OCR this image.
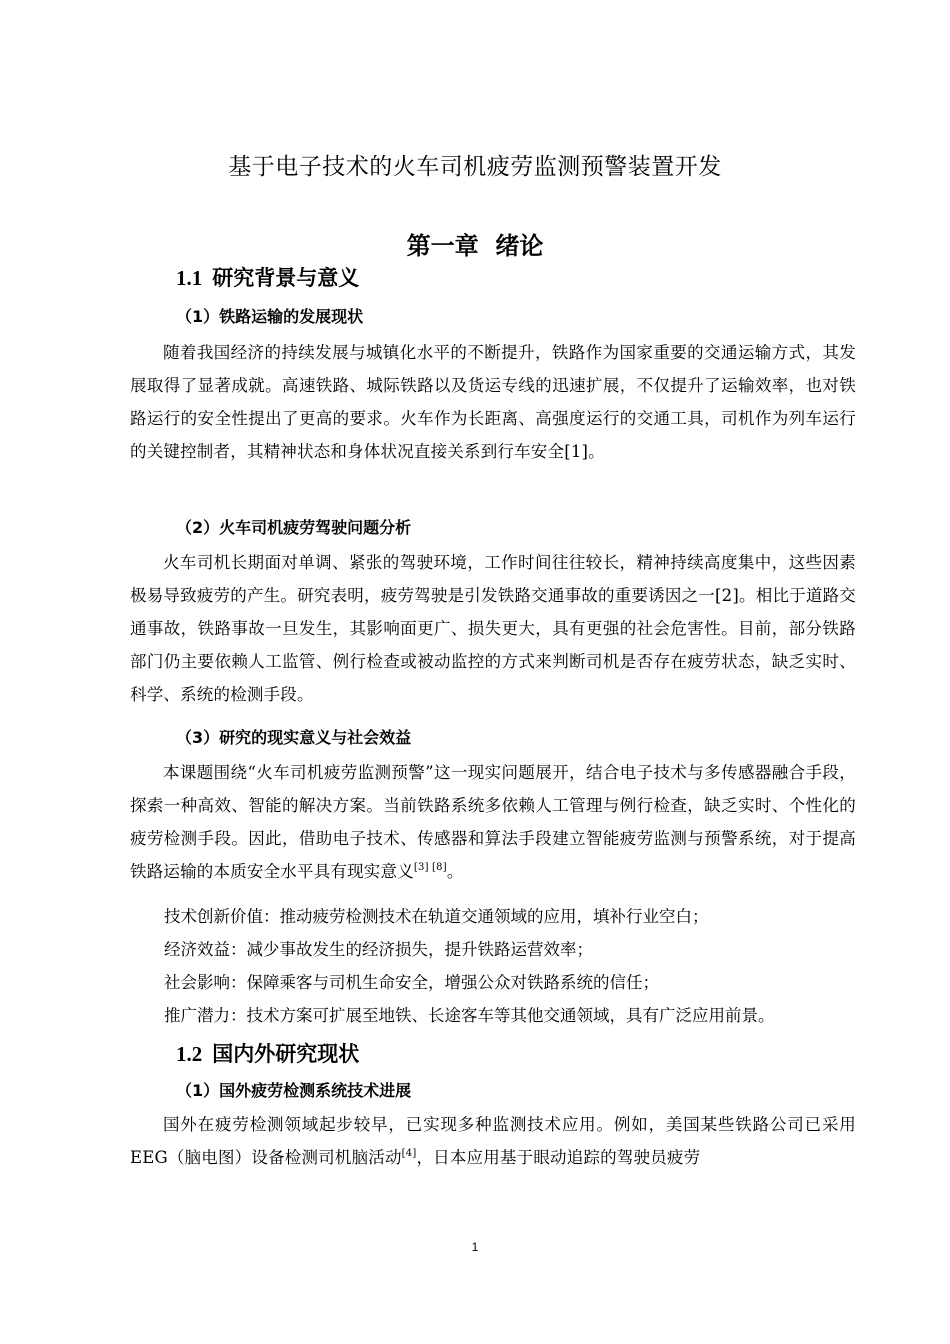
基于电子技术的火车司机疲劳监测预警装置开发
第一章  绪论
1.1 研究背景与意义
（1）铁路运输的发展现状

随着我国经济的持续发展与城镇化水平的不断提升，铁路作为国家重要的交通运输方式，其发展取得了显著成就。高速铁路、城际铁路以及货运专线的迅速扩展，不仅提升了运输效率，也对铁路运行的安全性提出了更高的要求。火车作为长距离、高强度运行的交通工具，司机作为列车运行的关键控制者，其精神状态和身体状况直接关系到行车安全[1]。

（2）火车司机疲劳驾驶问题分析

火车司机长期面对单调、紧张的驾驶环境，工作时间往往较长，精神持续高度集中，这些因素极易导致疲劳的产生。研究表明，疲劳驾驶是引发铁路交通事故的重要诱因之一[2]。相比于道路交通事故，铁路事故一旦发生，其影响面更广、损失更大，具有更强的社会危害性。目前，部分铁路部门仍主要依赖人工监管、例行检查或被动监控的方式来判断司机是否存在疲劳状态，缺乏实时、科学、系统的检测手段。

（3）研究的现实意义与社会效益

本课题围绕“火车司机疲劳监测预警”这一现实问题展开，结合电子技术与多传感器融合手段，探索一种高效、智能的解决方案。当前铁路系统多依赖人工管理与例行检查，缺乏实时、个性化的疲劳检测手段。因此，借助电子技术、传感器和算法手段建立智能疲劳监测与预警系统，对于提高铁路运输的本质安全水平具有现实意义[3] [8]。

技术创新价值：推动疲劳检测技术在轨道交通领域的应用，填补行业空白；
经济效益：减少事故发生的经济损失，提升铁路运营效率；
社会影响：保障乘客与司机生命安全，增强公众对铁路系统的信任；
推广潜力：技术方案可扩展至地铁、长途客车等其他交通领域，具有广泛应用前景。
1.2 国内外研究现状
（1）国外疲劳检测系统技术进展

国外在疲劳检测领域起步较早，已实现多种监测技术应用。例如，美国某些铁路公司已采用 EEG（脑电图）设备检测司机脑活动[4]，日本应用基于眼动追踪的驾驶员疲劳

1
